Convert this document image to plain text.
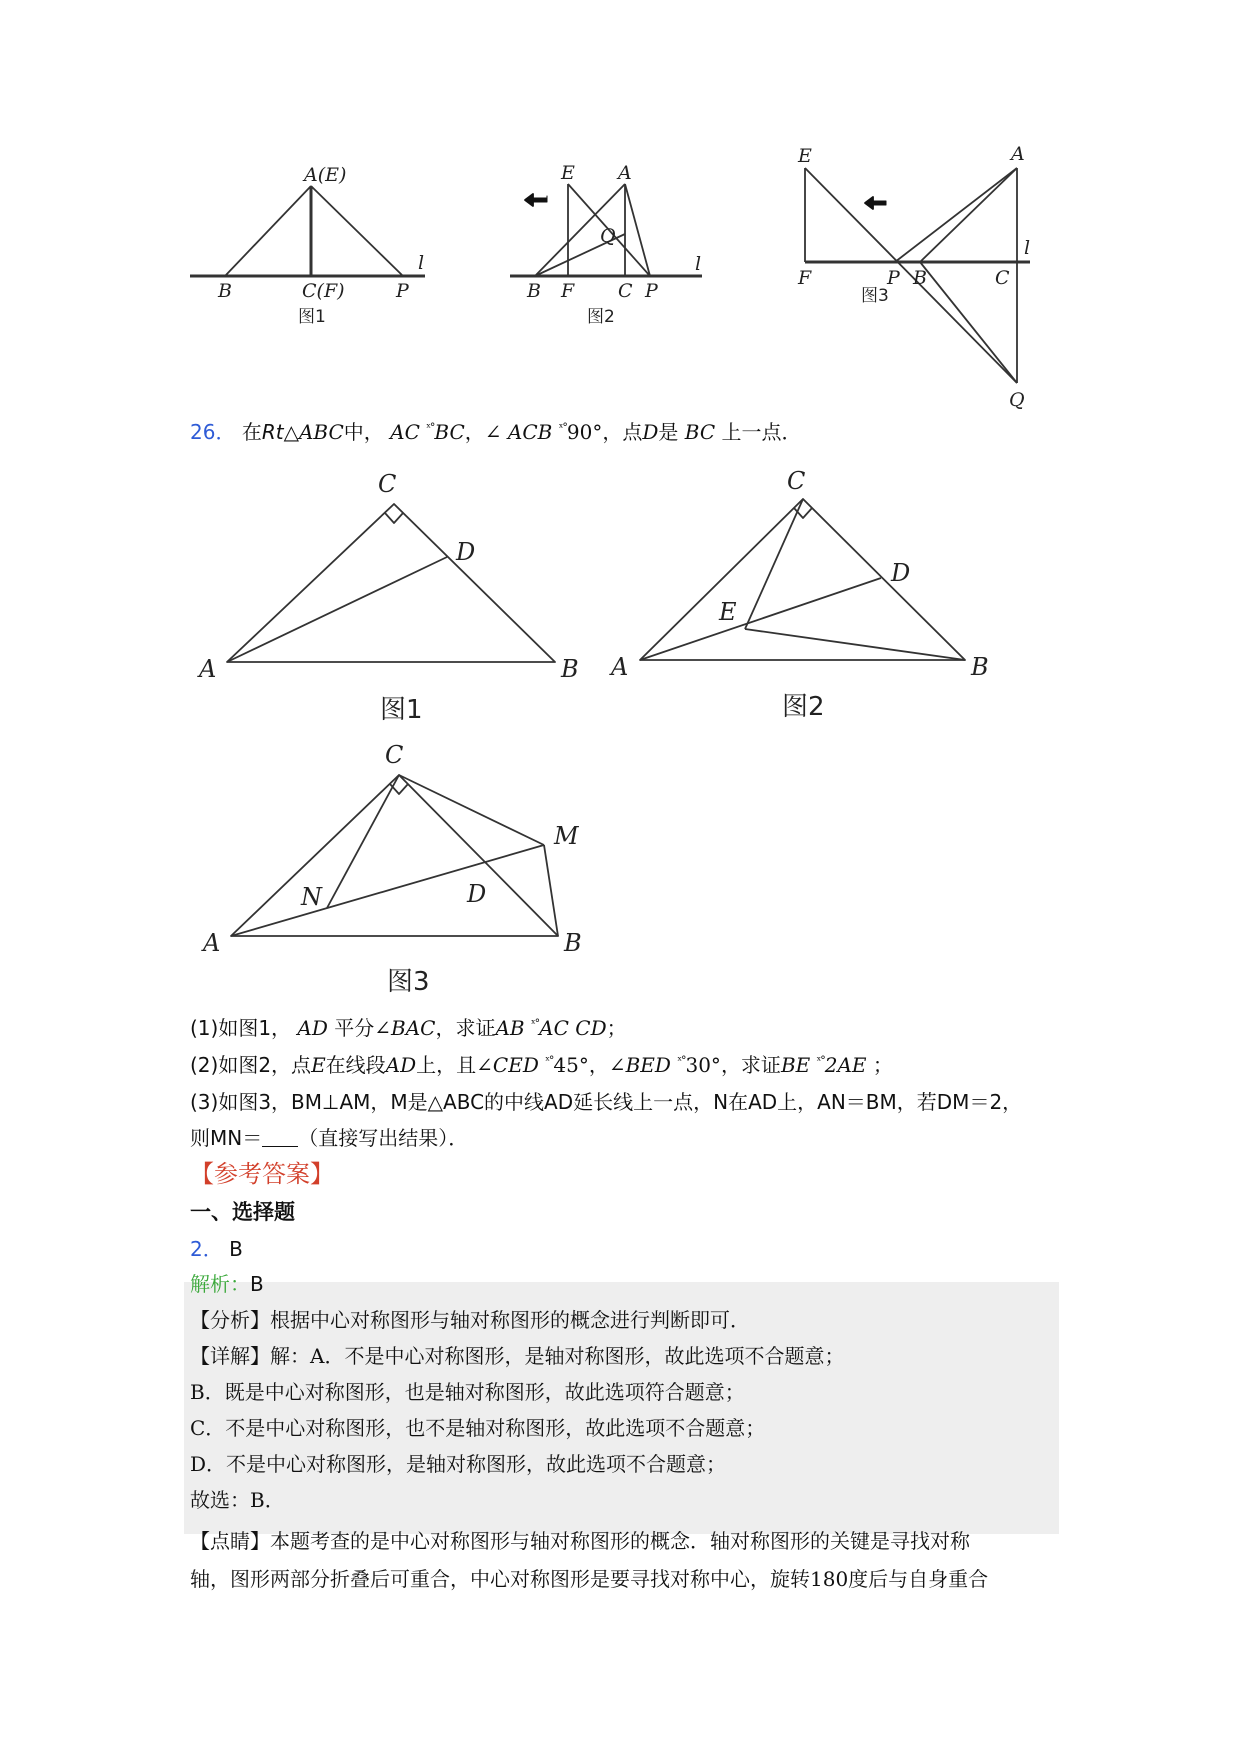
A(E)
B	C(F)	P
l
图1
E A
Q
B F C P
l
图2
E	A
F	P B	C
l
Q
图3
26． 在Rt△ABC中， AC $^{ˣ^\circ}$BC，∠ ACB $^{ˣ^\circ}$90°，点D是 BC 上一点．
C
D
A	B
图1
C
D
E
A	B
图2
C
M
N	D
A	B
图3
(1)如图1， AD 平分∠BAC，求证AB $^{ˣ^\circ}$AC CD；
(2)如图2，点E在线段AD上，且∠CED $^{ˣ^\circ}$45°，∠BED $^{ˣ^\circ}$30°，求证BE $^{ˣ^\circ}$2AE ；
(3)如图3，BM⊥AM，M是△ABC的中线AD延长线上一点，N在AD上，AN＝BM，若DM＝2，
则MN＝ （直接写出结果）．
【参考答案】
一、选择题
2． B
解析：B
【分析】根据中心对称图形与轴对称图形的概念进行判断即可．
【详解】解：A．不是中心对称图形，是轴对称图形，故此选项不合题意；
B．既是中心对称图形，也是轴对称图形，故此选项符合题意；
C．不是中心对称图形，也不是轴对称图形，故此选项不合题意；
D．不是中心对称图形，是轴对称图形，故此选项不合题意；
故选：B．
【点睛】本题考查的是中心对称图形与轴对称图形的概念．轴对称图形的关键是寻找对称
轴，图形两部分折叠后可重合，中心对称图形是要寻找对称中心，旋转180度后与自身重合
